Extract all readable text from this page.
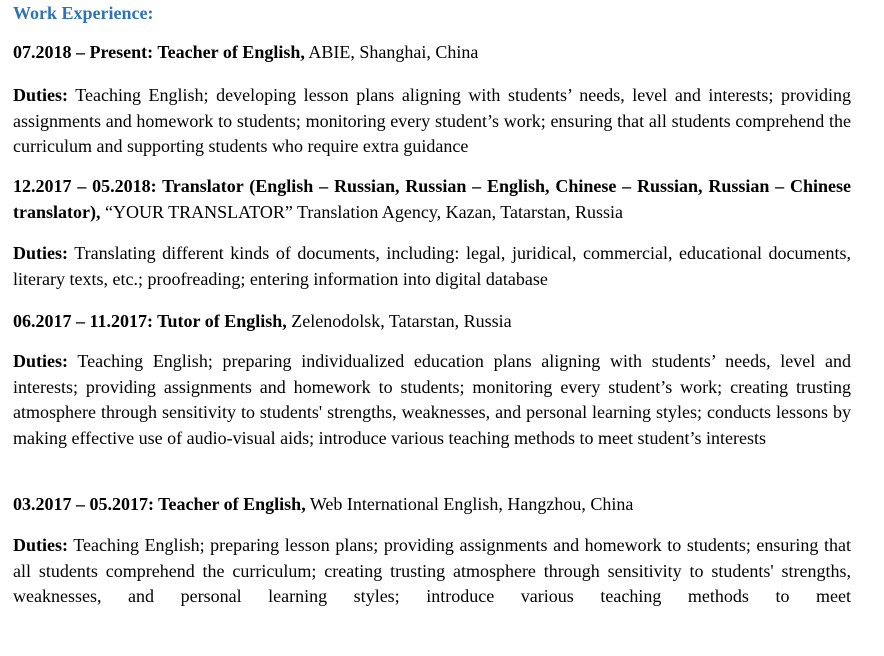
Work Experience:

07.2018 – Present: Teacher of English, ABIE, Shanghai, China

Duties: Teaching English; developing lesson plans aligning with students’ needs, level and interests; providing assignments and homework to students; monitoring every student’s work; ensuring that all students comprehend the curriculum and supporting students who require extra guidance

12.2017 – 05.2018: Translator (English – Russian, Russian – English, Chinese – Russian, Russian – Chinese translator), “YOUR TRANSLATOR” Translation Agency, Kazan, Tatarstan, Russia

Duties: Translating different kinds of documents, including: legal, juridical, commercial, educational documents, literary texts, etc.; proofreading; entering information into digital database

06.2017 – 11.2017: Tutor of English, Zelenodolsk, Tatarstan, Russia

Duties: Teaching English; preparing individualized education plans aligning with students’ needs, level and interests; providing assignments and homework to students; monitoring every student’s work; creating trusting atmosphere through sensitivity to students' strengths, weaknesses, and personal learning styles; conducts lessons by making effective use of audio-visual aids; introduce various teaching methods to meet student’s interests

03.2017 – 05.2017: Teacher of English, Web International English, Hangzhou, China

Duties: Teaching English; preparing lesson plans; providing assignments and homework to students; ensuring that all students comprehend the curriculum; creating trusting atmosphere through sensitivity to students' strengths, weaknesses, and personal learning styles; introduce various teaching methods to meet
